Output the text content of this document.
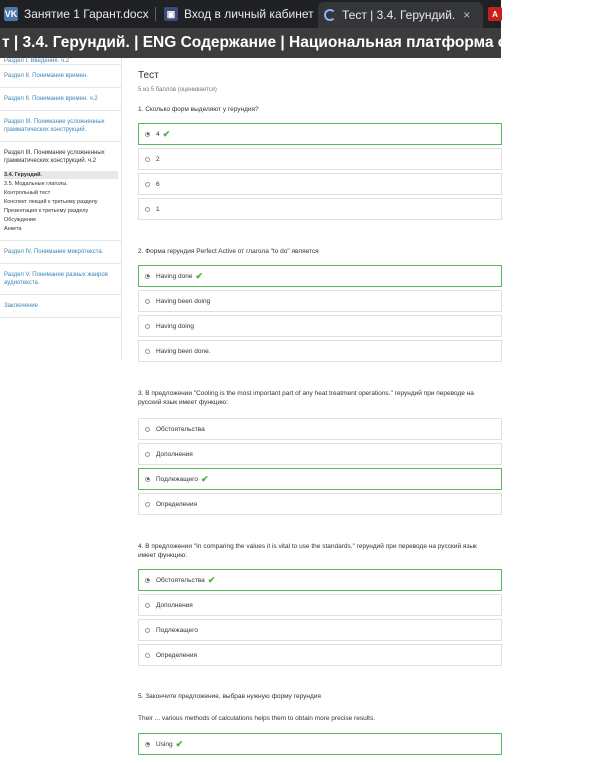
VK Занятие 1 Гарант.docx	▣ Вход в личный кабинет Тест | 3.4. Герундий. ×	A
т | 3.4. Герундий. | ENG Содержание | Национальная платформа открытого об
Раздел I. Введение. ч.2
Раздел II. Понимание времен.
Раздел II. Понимание времен. ч.2
Раздел III. Понимание усложненных грамматических конструкций.
Раздел III. Понимание усложненных грамматических конструкций. ч.2
3.4. Герундий.
3.5. Модальные глаголы.
Контрольный тест
Конспект лекций к третьему разделу
Презентация к третьему разделу
Обсуждение
Анкета
Раздел IV. Понимание микротекста.
Раздел V. Понимание разных жанров аудиотекста.
Заключение
Тест
5 из 5 баллов (оценивается)
1. Сколько форм выделяют у герундия?
4 ✔
2
6
1
2. Форма герундия Perfect Active от глагола "to do" является
Having done ✔
Having been doing
Having doing
Having been done.
3. В предложении "Cooling is the most important part of any heat treatment operations." герундий при переводе на русский язык имеет функцию:
Обстоятельства
Дополнения
Подлежащего ✔
Определения
4. В предложении "In comparing the values it is vital to use the standards." герундий при переводе на русский язык имеет функцию:
Обстоятельства ✔
Дополнения
Подлежащего
Определения
5. Закончите предложение, выбрав нужную форму герундия
Their ... various methods of calculations helps them to obtain more precise results.
Using ✔
